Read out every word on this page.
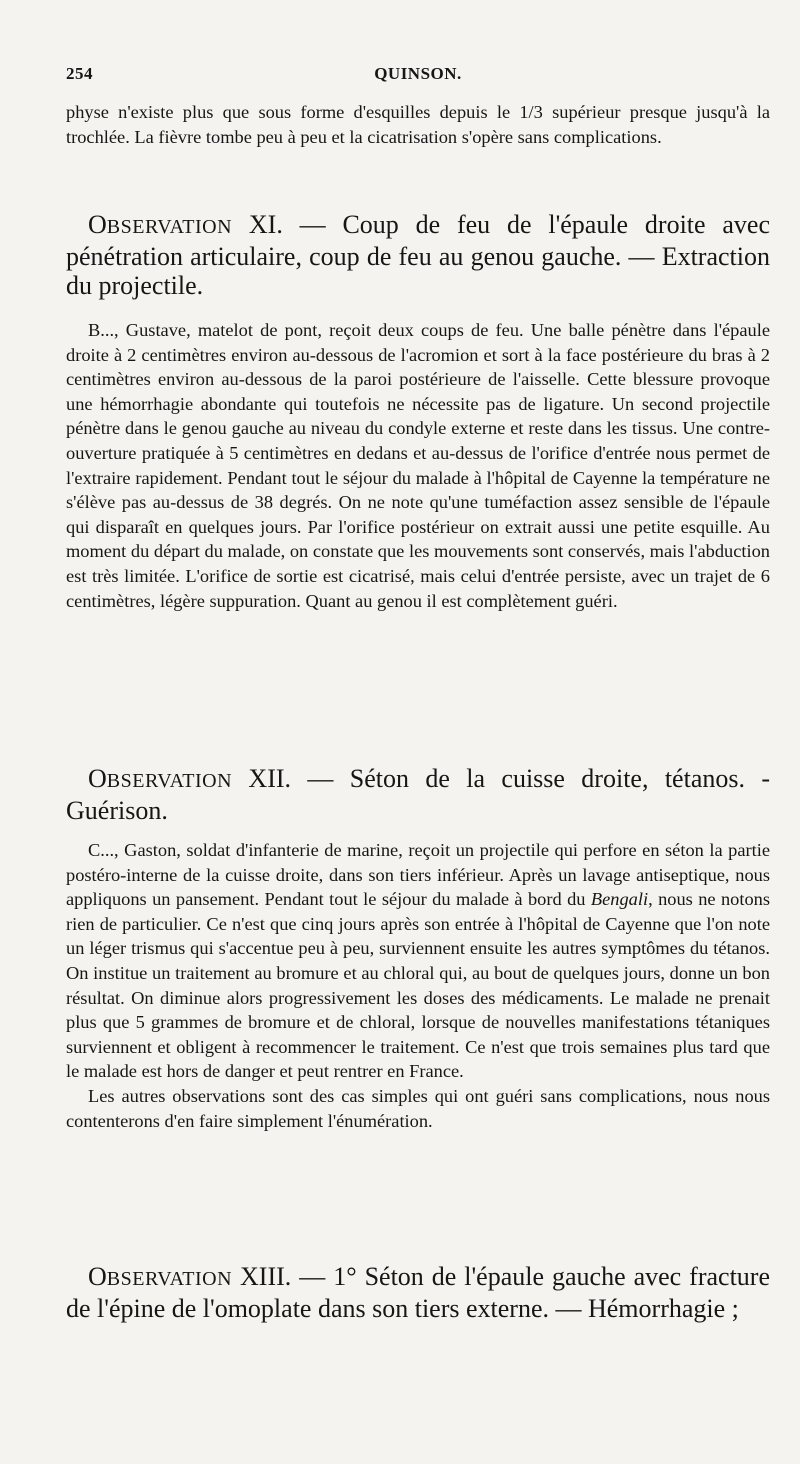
254	QUINSON.

physe n'existe plus que sous forme d'esquilles depuis le 1/3 supérieur presque jusqu'à la trochlée. La fièvre tombe peu à peu et la cicatrisation s'opère sans complications.

OBSERVATION XI. — Coup de feu de l'épaule droite avec pénétration articulaire, coup de feu au genou gauche. — Extraction du projectile.

B..., Gustave, matelot de pont, reçoit deux coups de feu. Une balle pénètre dans l'épaule droite à 2 centimètres environ au-dessous de l'acromion et sort à la face postérieure du bras à 2 centimètres environ au-dessous de la paroi postérieure de l'aisselle. Cette blessure provoque une hémorrhagie abondante qui toutefois ne nécessite pas de ligature. Un second projectile pénètre dans le genou gauche au niveau du condyle externe et reste dans les tissus. Une contre-ouverture pratiquée à 5 centimètres en dedans et au-dessus de l'orifice d'entrée nous permet de l'extraire rapidement. Pendant tout le séjour du malade à l'hôpital de Cayenne la température ne s'élève pas au-dessus de 38 degrés. On ne note qu'une tuméfaction assez sensible de l'épaule qui disparaît en quelques jours. Par l'orifice postérieur on extrait aussi une petite esquille. Au moment du départ du malade, on constate que les mouvements sont conservés, mais l'abduction est très limitée. L'orifice de sortie est cicatrisé, mais celui d'entrée persiste, avec un trajet de 6 centimètres, légère suppuration. Quant au genou il est complètement guéri.

OBSERVATION XII. — Séton de la cuisse droite, tétanos. - Guérison.

C..., Gaston, soldat d'infanterie de marine, reçoit un projectile qui perfore en séton la partie postéro-interne de la cuisse droite, dans son tiers inférieur. Après un lavage antiseptique, nous appliquons un pansement. Pendant tout le séjour du malade à bord du Bengali, nous ne notons rien de particulier. Ce n'est que cinq jours après son entrée à l'hôpital de Cayenne que l'on note un léger trismus qui s'accentue peu à peu, surviennent ensuite les autres symptômes du tétanos. On institue un traitement au bromure et au chloral qui, au bout de quelques jours, donne un bon résultat. On diminue alors progressivement les doses des médicaments. Le malade ne prenait plus que 5 grammes de bromure et de chloral, lorsque de nouvelles manifestations tétaniques surviennent et obligent à recommencer le traitement. Ce n'est que trois semaines plus tard que le malade est hors de danger et peut rentrer en France.

Les autres observations sont des cas simples qui ont guéri sans complications, nous nous contenterons d'en faire simplement l'énumération.

OBSERVATION XIII. — 1° Séton de l'épaule gauche avec fracture de l'épine de l'omoplate dans son tiers externe. — Hémorrhagie ;
